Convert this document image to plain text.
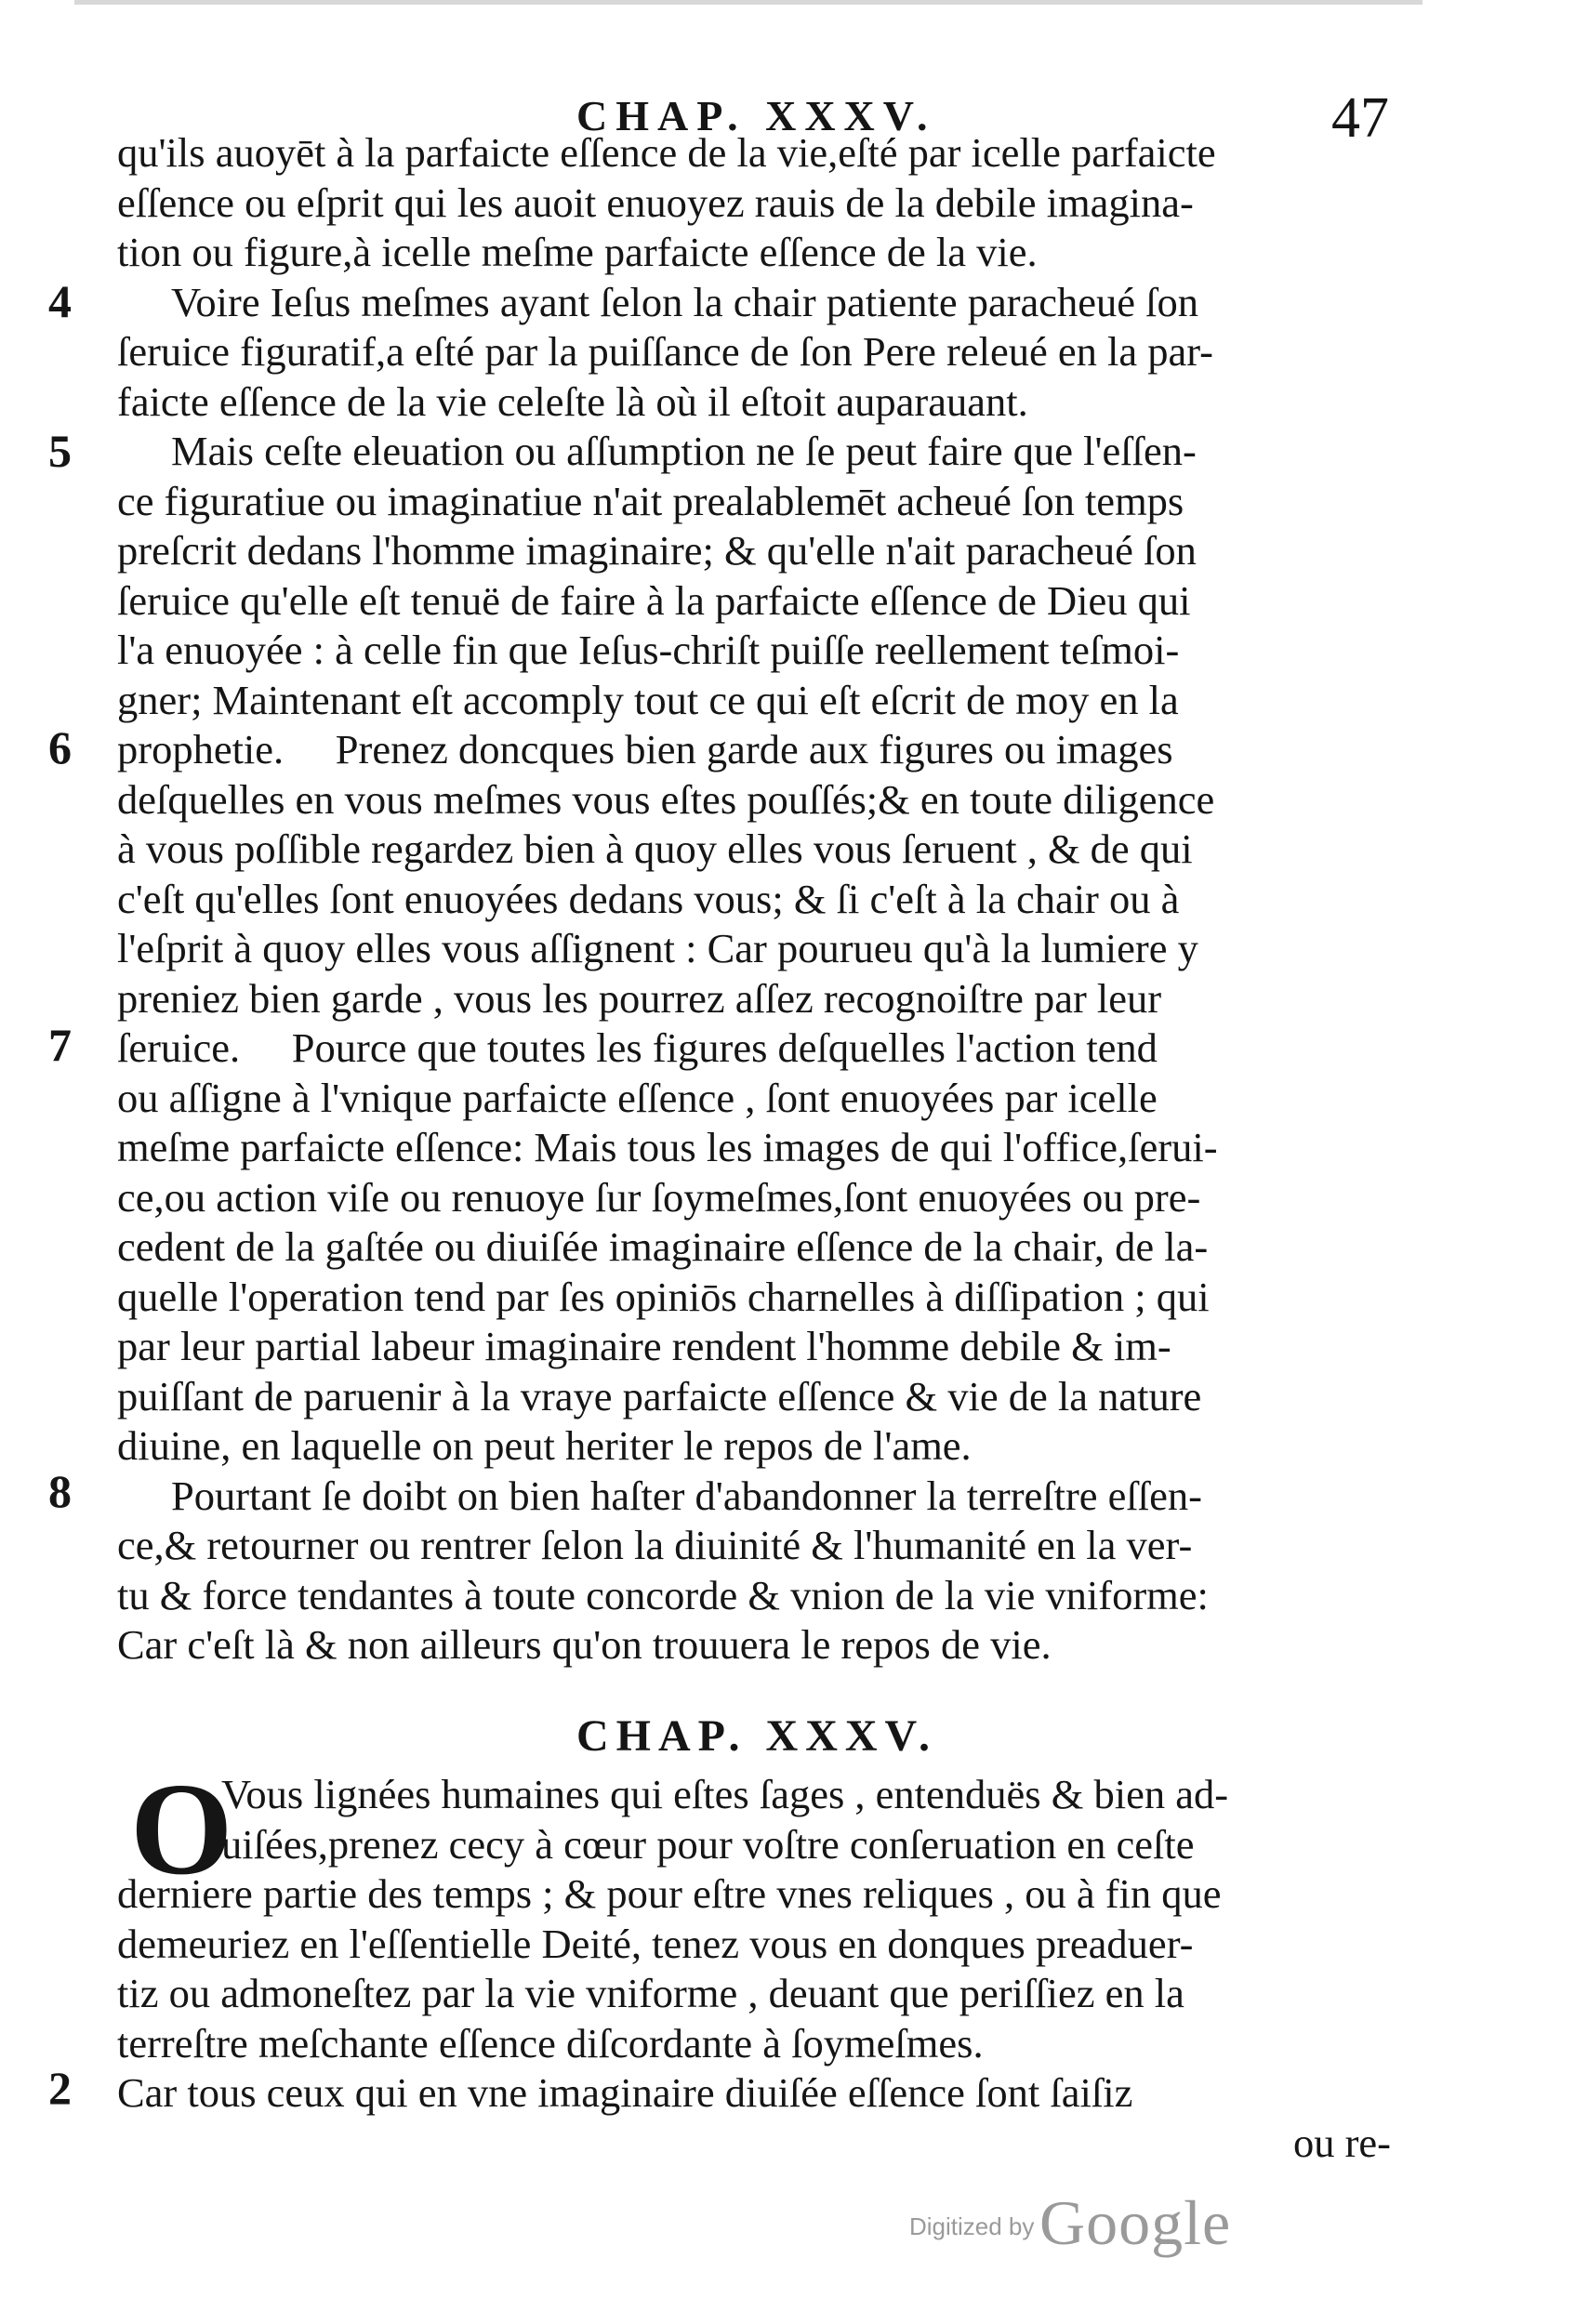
CHAP. XXXV.	47
4
5
6
7
8
2
qu'ils auoyēt à la parfaicte eſſence de la vie,eſté par icelle parfaicte
eſſence ou eſprit qui les auoit enuoyez rauis de la debile imagina-
tion ou figure,à icelle meſme parfaicte eſſence de la vie.
Voire Ieſus meſmes ayant ſelon la chair patiente paracheué ſon
ſeruice figuratif,a eſté par la puiſſance de ſon Pere releué en la par-
faicte eſſence de la vie celeſte là où il eſtoit auparauant.
Mais ceſte eleuation ou aſſumption ne ſe peut faire que l'eſſen-
ce figuratiue ou imaginatiue n'ait prealablemēt acheué ſon temps
preſcrit dedans l'homme imaginaire; & qu'elle n'ait paracheué ſon
ſeruice qu'elle eſt tenuë de faire à la parfaicte eſſence de Dieu qui
l'a enuoyée : à celle fin que Ieſus-chriſt puiſſe reellement teſmoi-
gner; Maintenant eſt accomply tout ce qui eſt eſcrit de moy en la
prophetie.     Prenez doncques bien garde aux figures ou images
deſquelles en vous meſmes vous eſtes pouſſés;& en toute diligence
à vous poſſible regardez bien à quoy elles vous ſeruent , & de qui
c'eſt qu'elles ſont enuoyées dedans vous; & ſi c'eſt à la chair ou à
l'eſprit à quoy elles vous aſſignent : Car pourueu qu'à la lumiere y
preniez bien garde , vous les pourrez aſſez recognoiſtre par leur
ſeruice.     Pource que toutes les figures deſquelles l'action tend
ou aſſigne à l'vnique parfaicte eſſence , ſont enuoyées par icelle
meſme parfaicte eſſence: Mais tous les images de qui l'office,ſerui-
ce,ou action viſe ou renuoye ſur ſoymeſmes,ſont enuoyées ou pre-
cedent de la gaſtée ou diuiſée imaginaire eſſence de la chair, de la-
quelle l'operation tend par ſes opiniōs charnelles à diſſipation ; qui
par leur partial labeur imaginaire rendent l'homme debile & im-
puiſſant de paruenir à la vraye parfaicte eſſence & vie de la nature
diuine, en laquelle on peut heriter le repos de l'ame.
Pourtant ſe doibt on bien haſter d'abandonner la terreſtre eſſen-
ce,& retourner ou rentrer ſelon la diuinité & l'humanité en la ver-
tu & force tendantes à toute concorde & vnion de la vie vniforme:
Car c'eſt là & non ailleurs qu'on trouuera le repos de vie.
CHAP. XXXV.
O
Vous lignées humaines qui eſtes ſages , entenduës & bien ad-
uiſées,prenez cecy à cœur pour voſtre conſeruation en ceſte
derniere partie des temps ; & pour eſtre vnes reliques , ou à fin que
demeuriez en l'eſſentielle Deité, tenez vous en donques preaduer-
tiz ou admoneſtez par la vie vniforme , deuant que periſſiez en la
terreſtre meſchante eſſence diſcordante à ſoymeſmes.
Car tous ceux qui en vne imaginaire diuiſée eſſence ſont ſaiſiz
ou re-
Digitized by Google
